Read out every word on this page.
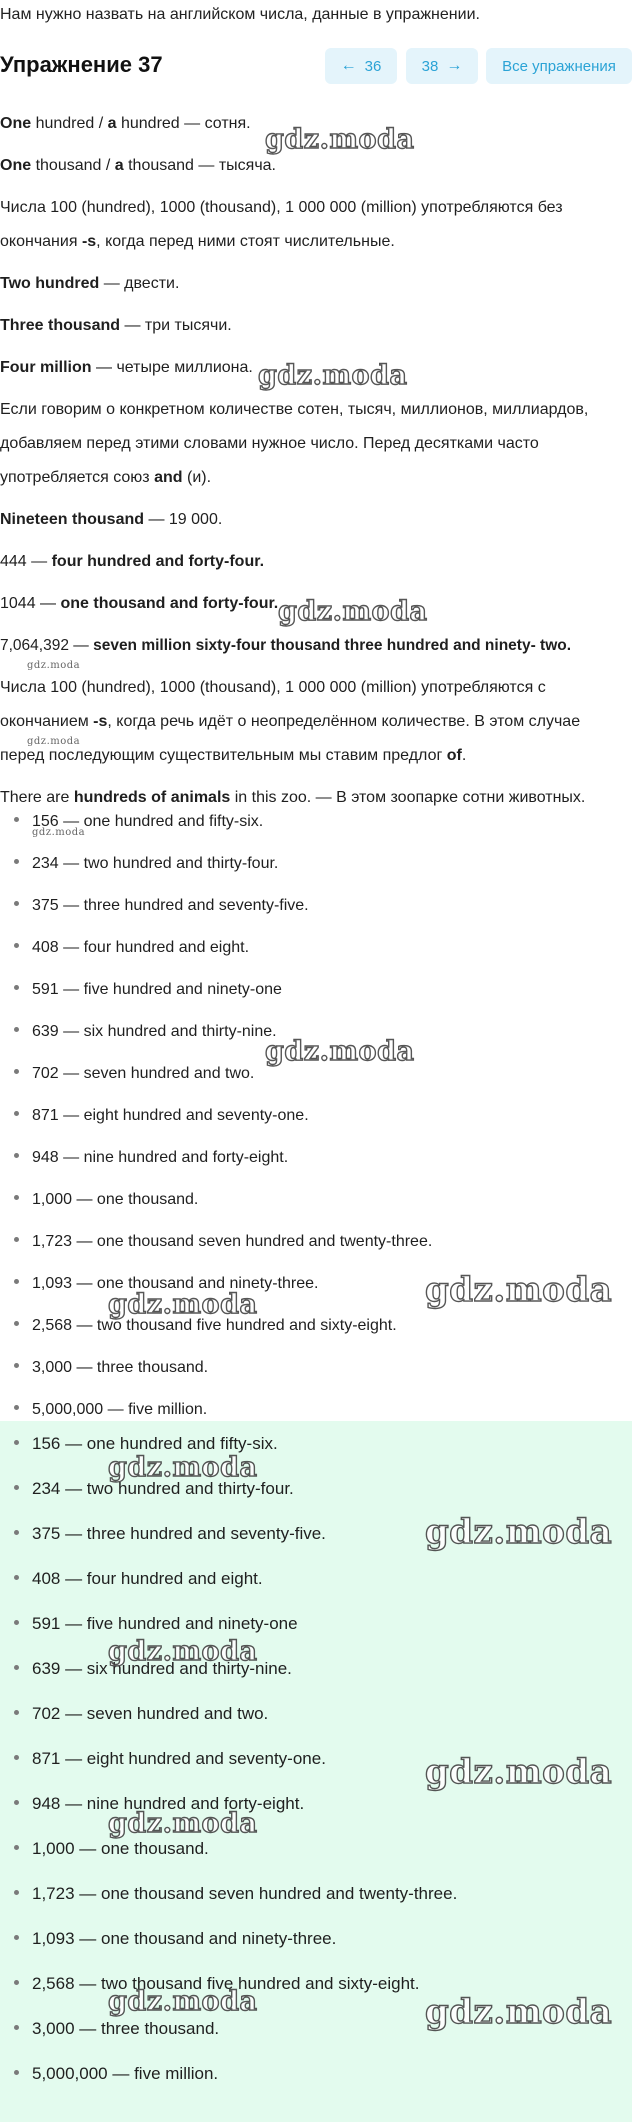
Нам нужно назвать на английском числа, данные в упражнении.
Упражнение 37	← 36	38 →	Все упражнения
One hundred / a hundred — сотня.
One thousand / a thousand — тысяча.
Числа 100 (hundred), 1000 (thousand), 1 000 000 (million) употребляются без
окончания -s, когда перед ними стоят числительные.
Two hundred — двести.
Three thousand — три тысячи.
Four million — четыре миллиона.
Если говорим о конкретном количестве сотен, тысяч, миллионов, миллиардов,
добавляем перед этими словами нужное число. Перед десятками часто
употребляется союз and (и).
Nineteen thousand — 19 000.
444 — four hundred and forty-four.
1044 — one thousand and forty-four.
7,064,392 — seven million sixty-four thousand three hundred and ninety- two.
Числа 100 (hundred), 1000 (thousand), 1 000 000 (million) употребляются с
окончанием -s, когда речь идёт о неопределённом количестве. В этом случае
перед последующим существительным мы ставим предлог of.
There are hundreds of animals in this zoo. — В этом зоопарке сотни животных.
156 — one hundred and fifty-six.
234 — two hundred and thirty-four.
375 — three hundred and seventy-five.
408 — four hundred and eight.
591 — five hundred and ninety-one
639 — six hundred and thirty-nine.
702 — seven hundred and two.
871 — eight hundred and seventy-one.
948 — nine hundred and forty-eight.
1,000 — one thousand.
1,723 — one thousand seven hundred and twenty-three.
1,093 — one thousand and ninety-three.
2,568 — two thousand five hundred and sixty-eight.
3,000 — three thousand.
5,000,000 — five million.
156 — one hundred and fifty-six.
234 — two hundred and thirty-four.
375 — three hundred and seventy-five.
408 — four hundred and eight.
591 — five hundred and ninety-one
639 — six hundred and thirty-nine.
702 — seven hundred and two.
871 — eight hundred and seventy-one.
948 — nine hundred and forty-eight.
1,000 — one thousand.
1,723 — one thousand seven hundred and twenty-three.
1,093 — one thousand and ninety-three.
2,568 — two thousand five hundred and sixty-eight.
3,000 — three thousand.
5,000,000 — five million.
gdz.moda
gdz.moda
gdz.moda
gdz.moda
gdz.moda
gdz.moda
gdz.moda
gdz.moda
gdz.moda
gdz.moda
gdz.moda
gdz.moda
gdz.moda
gdz.moda
gdz.moda	gdz.moda
